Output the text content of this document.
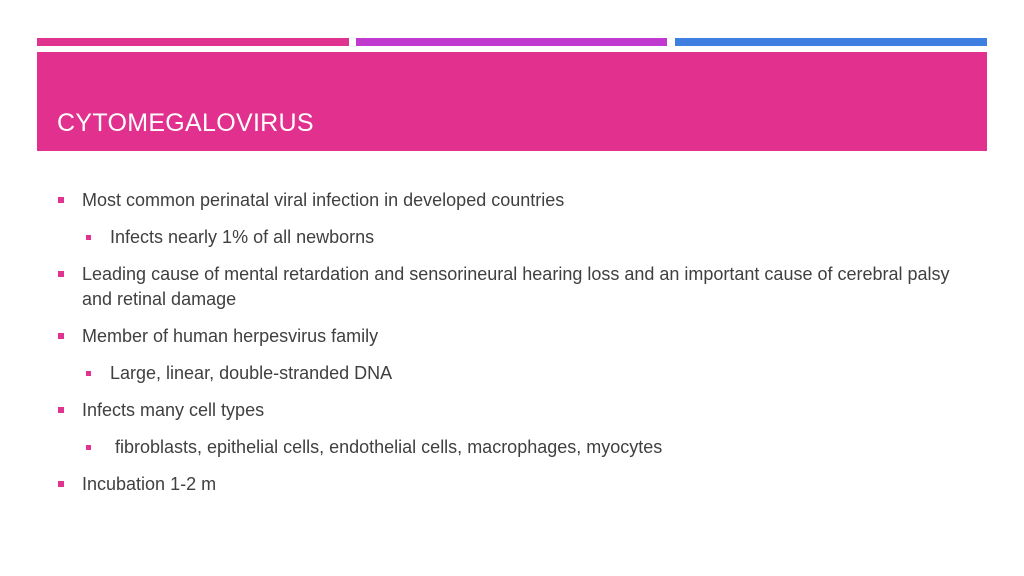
CYTOMEGALOVIRUS
Most common perinatal viral infection in developed countries
Infects nearly 1% of all newborns
Leading cause of mental retardation and sensorineural hearing loss and an important cause of cerebral palsy and retinal damage
Member of human herpesvirus family
Large, linear, double-stranded DNA
Infects many cell types
fibroblasts, epithelial cells, endothelial cells, macrophages, myocytes
Incubation 1-2 m
